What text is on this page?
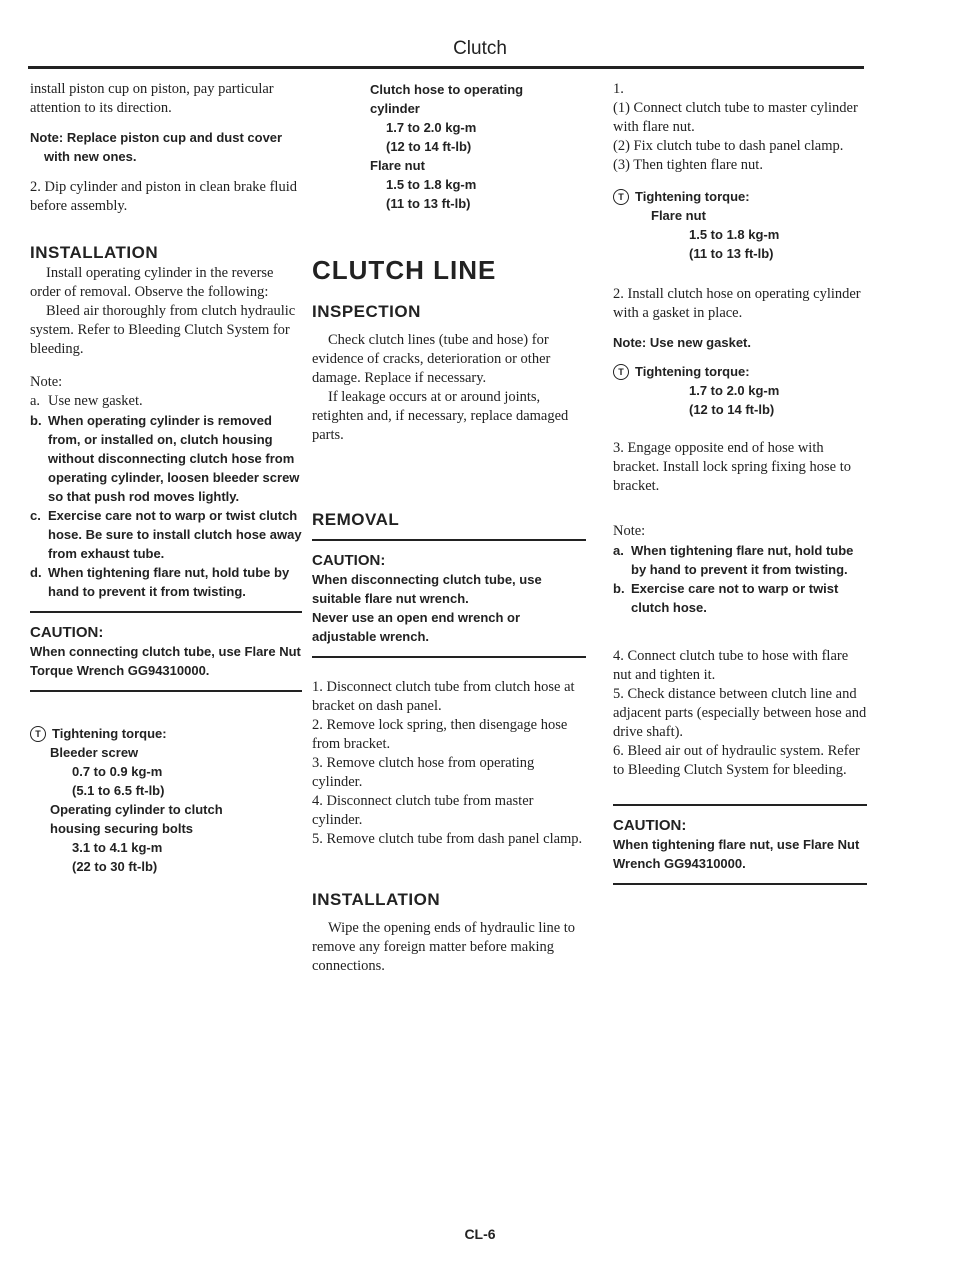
Clutch

install piston cup on piston, pay particular attention to its direction.

Note: Replace piston cup and dust cover with new ones.

2. Dip cylinder and piston in clean brake fluid before assembly.

INSTALLATION

Install operating cylinder in the reverse order of removal. Observe the following:

Bleed air thoroughly from clutch hydraulic system. Refer to Bleeding Clutch System for bleeding.

Note:

a. Use new gasket.
b. When operating cylinder is removed from, or installed on, clutch housing without disconnecting clutch hose from operating cylinder, loosen bleeder screw so that push rod moves lightly.
c. Exercise care not to warp or twist clutch hose. Be sure to install clutch hose away from exhaust tube.
d. When tightening flare nut, hold tube by hand to prevent it from twisting.
CAUTION:
When connecting clutch tube, use Flare Nut Torque Wrench GG94310000.
T Tightening torque:
Bleeder screw
0.7 to 0.9 kg-m
(5.1 to 6.5 ft-lb)
Operating cylinder to clutch housing securing bolts
3.1 to 4.1 kg-m
(22 to 30 ft-lb)
Clutch hose to operating cylinder
1.7 to 2.0 kg-m
(12 to 14 ft-lb)
Flare nut
1.5 to 1.8 kg-m
(11 to 13 ft-lb)
CLUTCH LINE
INSPECTION

Check clutch lines (tube and hose) for evidence of cracks, deterioration or other damage. Replace if necessary.

If leakage occurs at or around joints, retighten and, if necessary, replace damaged parts.

REMOVAL
CAUTION:
When disconnecting clutch tube, use suitable flare nut wrench.
Never use an open end wrench or adjustable wrench.

1. Disconnect clutch tube from clutch hose at bracket on dash panel.

2. Remove lock spring, then disengage hose from bracket.

3. Remove clutch hose from operating cylinder.

4. Disconnect clutch tube from master cylinder.

5. Remove clutch tube from dash panel clamp.

INSTALLATION

Wipe the opening ends of hydraulic line to remove any foreign matter before making connections.

1.

(1) Connect clutch tube to master cylinder with flare nut.

(2) Fix clutch tube to dash panel clamp.

(3) Then tighten flare nut.

T Tightening torque:
Flare nut
1.5 to 1.8 kg-m
(11 to 13 ft-lb)

2. Install clutch hose on operating cylinder with a gasket in place.

Note: Use new gasket.

T Tightening torque:
1.7 to 2.0 kg-m
(12 to 14 ft-lb)

3. Engage opposite end of hose with bracket. Install lock spring fixing hose to bracket.

Note:

a. When tightening flare nut, hold tube by hand to prevent it from twisting.
b. Exercise care not to warp or twist clutch hose.

4. Connect clutch tube to hose with flare nut and tighten it.

5. Check distance between clutch line and adjacent parts (especially between hose and drive shaft).

6. Bleed air out of hydraulic system. Refer to Bleeding Clutch System for bleeding.

CAUTION:
When tightening flare nut, use Flare Nut Wrench GG94310000.
CL-6
